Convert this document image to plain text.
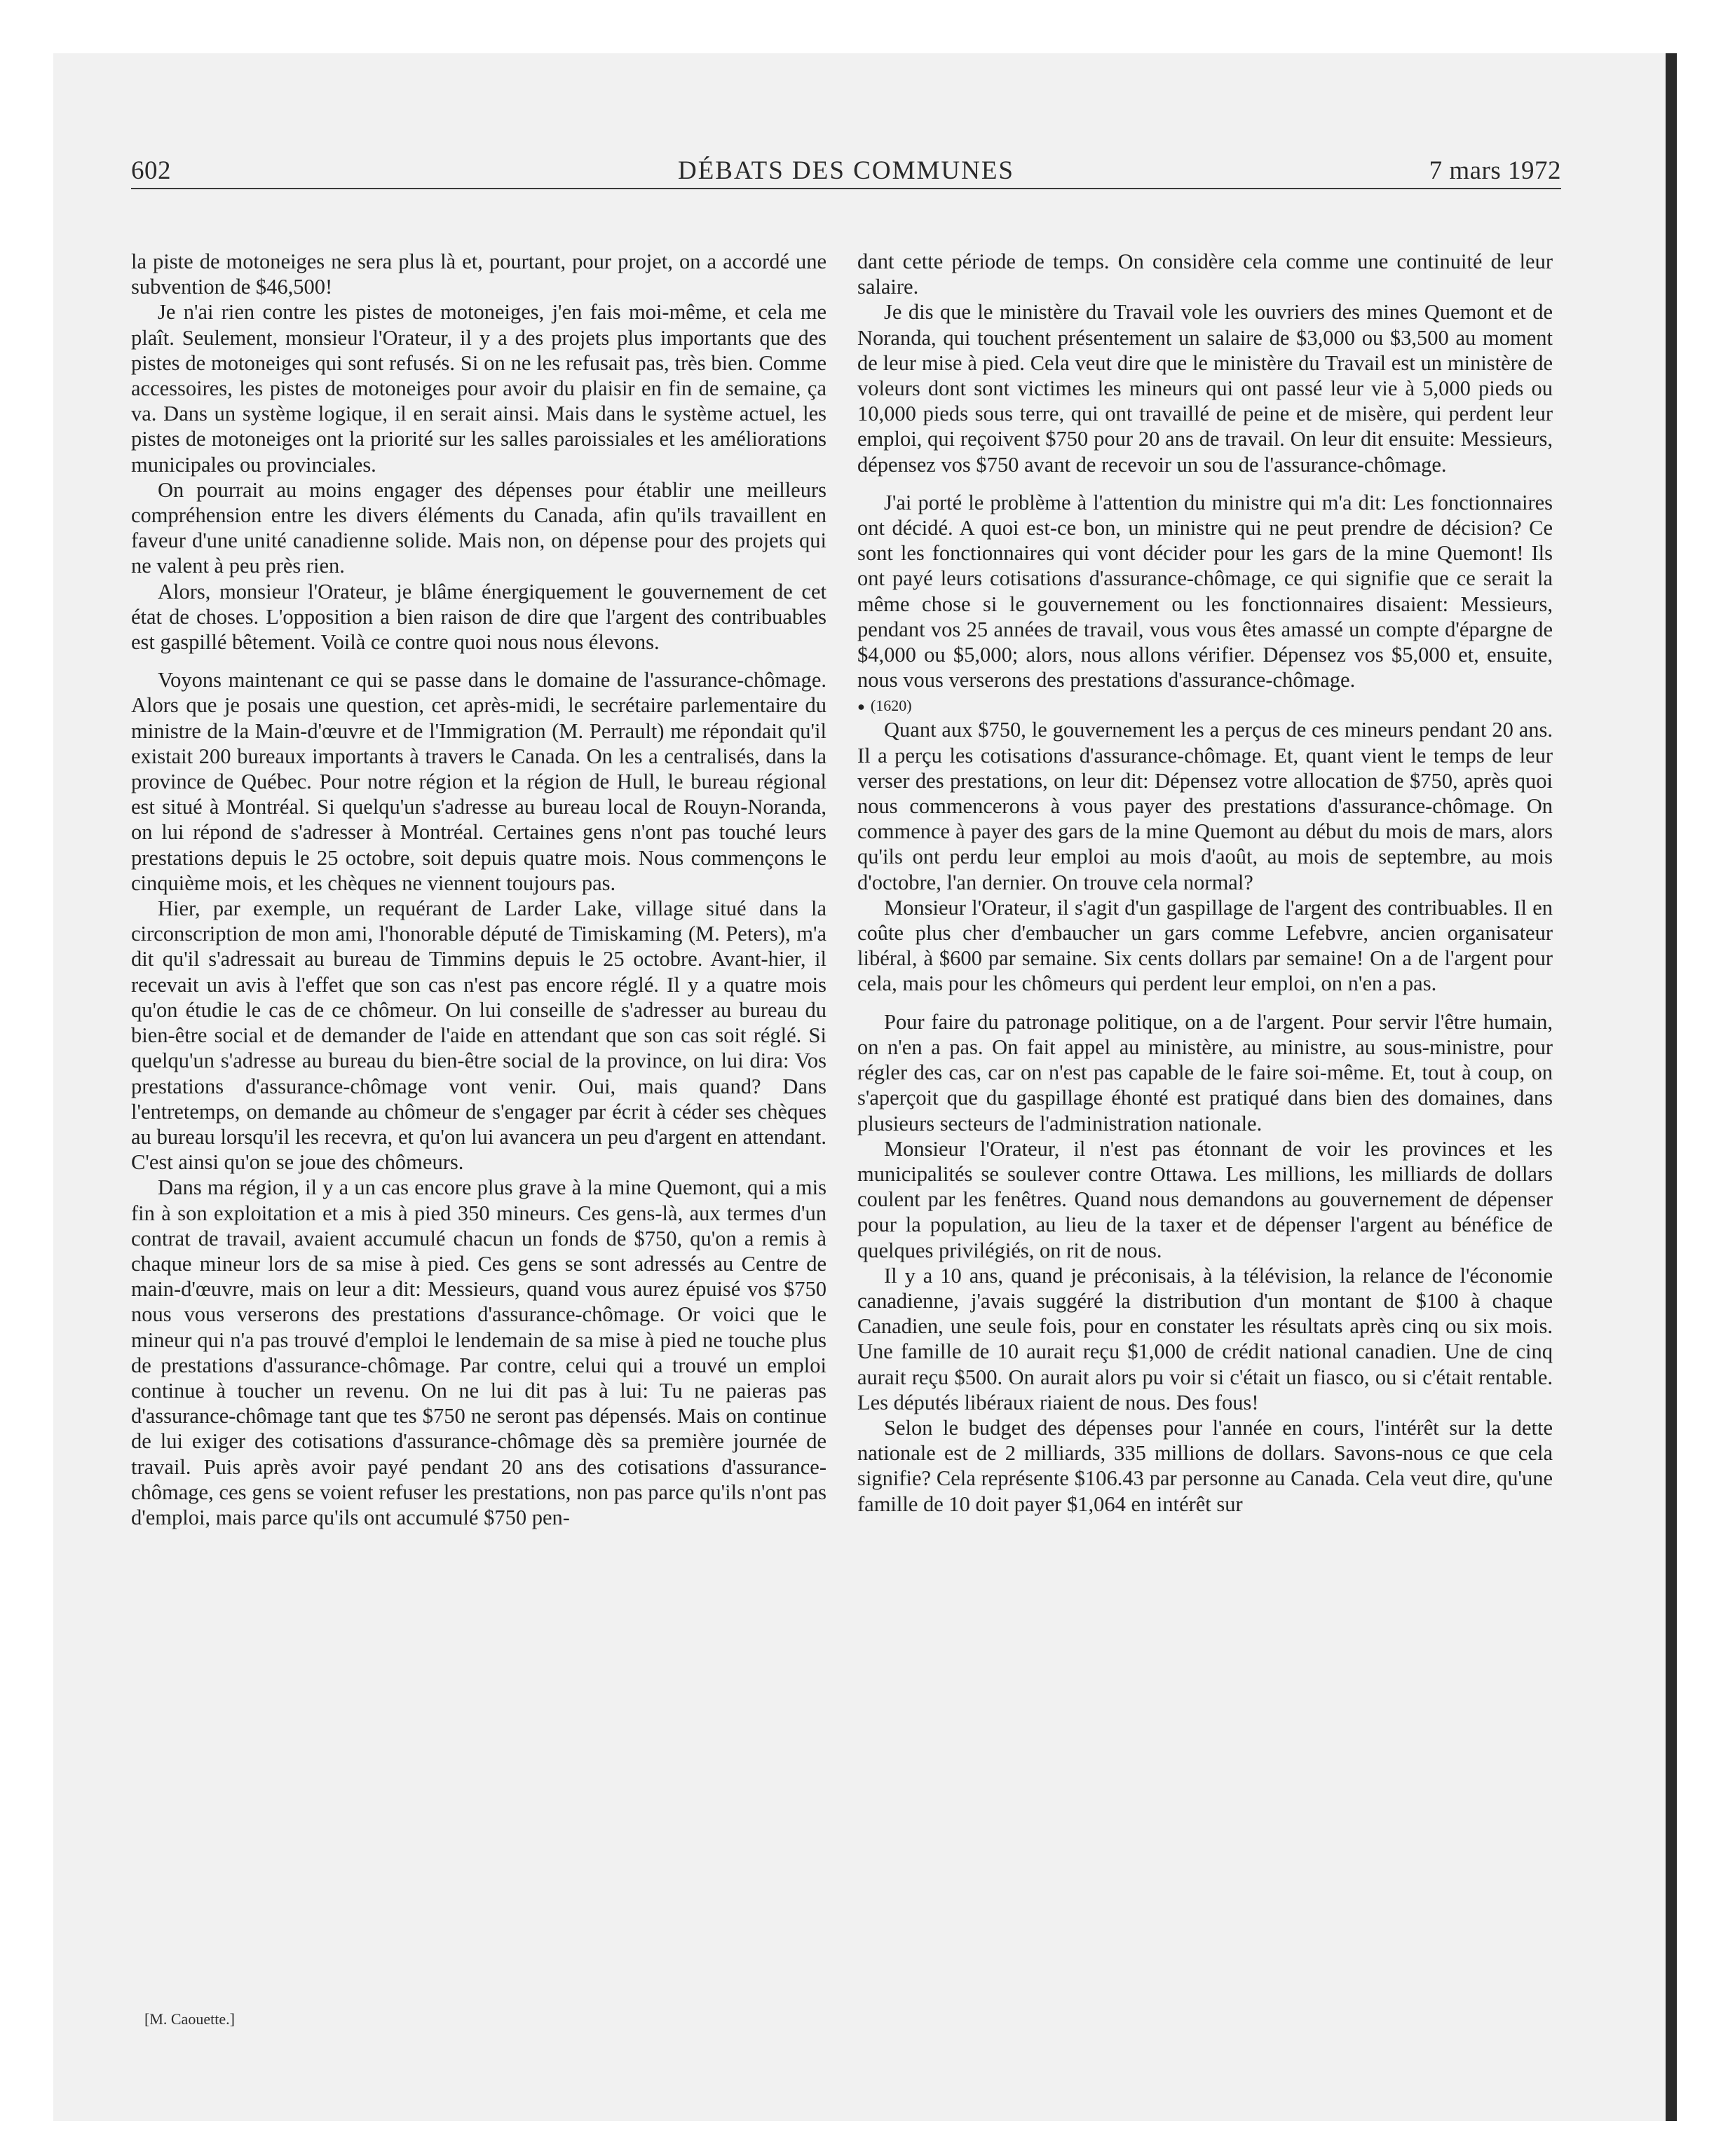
602	DÉBATS DES COMMUNES	7 mars 1972

la piste de motoneiges ne sera plus là et, pourtant, pour projet, on a accordé une subvention de $46,500!

Je n'ai rien contre les pistes de motoneiges, j'en fais moi-même, et cela me plaît. Seulement, monsieur l'Orateur, il y a des projets plus importants que des pistes de motoneiges qui sont refusés. Si on ne les refusait pas, très bien. Comme accessoires, les pistes de motoneiges pour avoir du plaisir en fin de semaine, ça va. Dans un système logique, il en serait ainsi. Mais dans le système actuel, les pistes de motoneiges ont la priorité sur les salles paroissiales et les améliorations municipales ou provinciales.

On pourrait au moins engager des dépenses pour établir une meilleurs compréhension entre les divers éléments du Canada, afin qu'ils travaillent en faveur d'une unité canadienne solide. Mais non, on dépense pour des projets qui ne valent à peu près rien.

Alors, monsieur l'Orateur, je blâme énergiquement le gouvernement de cet état de choses. L'opposition a bien raison de dire que l'argent des contribuables est gaspillé bêtement. Voilà ce contre quoi nous nous élevons.

Voyons maintenant ce qui se passe dans le domaine de l'assurance-chômage. Alors que je posais une question, cet après-midi, le secrétaire parlementaire du ministre de la Main-d'œuvre et de l'Immigration (M. Perrault) me répondait qu'il existait 200 bureaux importants à travers le Canada. On les a centralisés, dans la province de Québec. Pour notre région et la région de Hull, le bureau régional est situé à Montréal. Si quelqu'un s'adresse au bureau local de Rouyn-Noranda, on lui répond de s'adresser à Montréal. Certaines gens n'ont pas touché leurs prestations depuis le 25 octobre, soit depuis quatre mois. Nous commençons le cinquième mois, et les chèques ne viennent toujours pas.

Hier, par exemple, un requérant de Larder Lake, village situé dans la circonscription de mon ami, l'honorable député de Timiskaming (M. Peters), m'a dit qu'il s'adressait au bureau de Timmins depuis le 25 octobre. Avant-hier, il recevait un avis à l'effet que son cas n'est pas encore réglé. Il y a quatre mois qu'on étudie le cas de ce chômeur. On lui conseille de s'adresser au bureau du bien-être social et de demander de l'aide en attendant que son cas soit réglé. Si quelqu'un s'adresse au bureau du bien-être social de la province, on lui dira: Vos prestations d'assurance-chômage vont venir. Oui, mais quand? Dans l'entretemps, on demande au chômeur de s'engager par écrit à céder ses chèques au bureau lorsqu'il les recevra, et qu'on lui avancera un peu d'argent en attendant. C'est ainsi qu'on se joue des chômeurs.

Dans ma région, il y a un cas encore plus grave à la mine Quemont, qui a mis fin à son exploitation et a mis à pied 350 mineurs. Ces gens-là, aux termes d'un contrat de travail, avaient accumulé chacun un fonds de $750, qu'on a remis à chaque mineur lors de sa mise à pied. Ces gens se sont adressés au Centre de main-d'œuvre, mais on leur a dit: Messieurs, quand vous aurez épuisé vos $750 nous vous verserons des prestations d'assurance-chômage. Or voici que le mineur qui n'a pas trouvé d'emploi le lendemain de sa mise à pied ne touche plus de prestations d'assurance-chômage. Par contre, celui qui a trouvé un emploi continue à toucher un revenu. On ne lui dit pas à lui: Tu ne paieras pas d'assurance-chômage tant que tes $750 ne seront pas dépensés. Mais on continue de lui exiger des cotisations d'assurance-chômage dès sa première journée de travail. Puis après avoir payé pendant 20 ans des cotisations d'assurance-chômage, ces gens se voient refuser les prestations, non pas parce qu'ils n'ont pas d'emploi, mais parce qu'ils ont accumulé $750 pen-

[M. Caouette.]

dant cette période de temps. On considère cela comme une continuité de leur salaire.

Je dis que le ministère du Travail vole les ouvriers des mines Quemont et de Noranda, qui touchent présentement un salaire de $3,000 ou $3,500 au moment de leur mise à pied. Cela veut dire que le ministère du Travail est un ministère de voleurs dont sont victimes les mineurs qui ont passé leur vie à 5,000 pieds ou 10,000 pieds sous terre, qui ont travaillé de peine et de misère, qui perdent leur emploi, qui reçoivent $750 pour 20 ans de travail. On leur dit ensuite: Messieurs, dépensez vos $750 avant de recevoir un sou de l'assurance-chômage.

J'ai porté le problème à l'attention du ministre qui m'a dit: Les fonctionnaires ont décidé. A quoi est-ce bon, un ministre qui ne peut prendre de décision? Ce sont les fonctionnaires qui vont décider pour les gars de la mine Quemont! Ils ont payé leurs cotisations d'assurance-chômage, ce qui signifie que ce serait la même chose si le gouvernement ou les fonctionnaires disaient: Messieurs, pendant vos 25 années de travail, vous vous êtes amassé un compte d'épargne de $4,000 ou $5,000; alors, nous allons vérifier. Dépensez vos $5,000 et, ensuite, nous vous verserons des prestations d'assurance-chômage.

● (1620)

Quant aux $750, le gouvernement les a perçus de ces mineurs pendant 20 ans. Il a perçu les cotisations d'assurance-chômage. Et, quant vient le temps de leur verser des prestations, on leur dit: Dépensez votre allocation de $750, après quoi nous commencerons à vous payer des prestations d'assurance-chômage. On commence à payer des gars de la mine Quemont au début du mois de mars, alors qu'ils ont perdu leur emploi au mois d'août, au mois de septembre, au mois d'octobre, l'an dernier. On trouve cela normal?

Monsieur l'Orateur, il s'agit d'un gaspillage de l'argent des contribuables. Il en coûte plus cher d'embaucher un gars comme Lefebvre, ancien organisateur libéral, à $600 par semaine. Six cents dollars par semaine! On a de l'argent pour cela, mais pour les chômeurs qui perdent leur emploi, on n'en a pas.

Pour faire du patronage politique, on a de l'argent. Pour servir l'être humain, on n'en a pas. On fait appel au ministère, au ministre, au sous-ministre, pour régler des cas, car on n'est pas capable de le faire soi-même. Et, tout à coup, on s'aperçoit que du gaspillage éhonté est pratiqué dans bien des domaines, dans plusieurs secteurs de l'administration nationale.

Monsieur l'Orateur, il n'est pas étonnant de voir les provinces et les municipalités se soulever contre Ottawa. Les millions, les milliards de dollars coulent par les fenêtres. Quand nous demandons au gouvernement de dépenser pour la population, au lieu de la taxer et de dépenser l'argent au bénéfice de quelques privilégiés, on rit de nous.

Il y a 10 ans, quand je préconisais, à la télévision, la relance de l'économie canadienne, j'avais suggéré la distribution d'un montant de $100 à chaque Canadien, une seule fois, pour en constater les résultats après cinq ou six mois. Une famille de 10 aurait reçu $1,000 de crédit national canadien. Une de cinq aurait reçu $500. On aurait alors pu voir si c'était un fiasco, ou si c'était rentable. Les députés libéraux riaient de nous. Des fous!

Selon le budget des dépenses pour l'année en cours, l'intérêt sur la dette nationale est de 2 milliards, 335 millions de dollars. Savons-nous ce que cela signifie? Cela représente $106.43 par personne au Canada. Cela veut dire, qu'une famille de 10 doit payer $1,064 en intérêt sur
